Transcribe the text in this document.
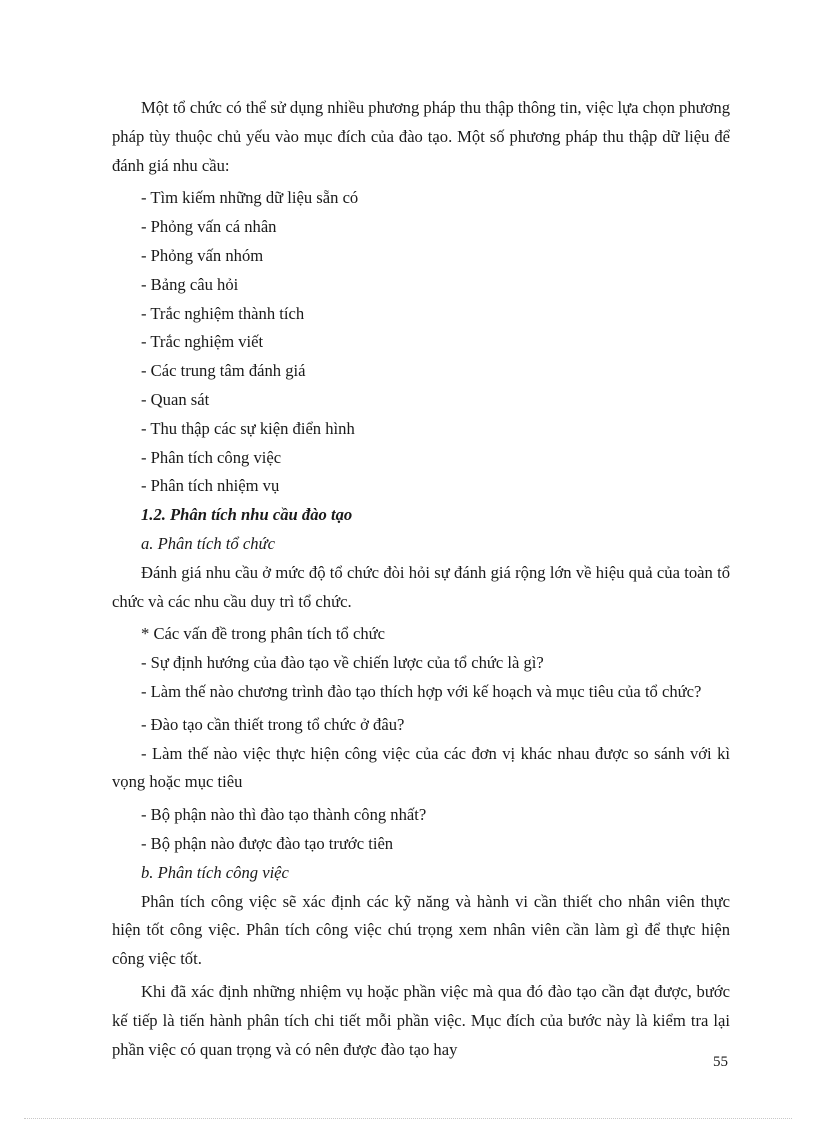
Một tổ chức có thể sử dụng nhiều phương pháp thu thập thông tin, việc lựa chọn phương pháp tùy thuộc chủ yếu vào mục đích của đào tạo. Một số phương pháp thu thập dữ liệu để đánh giá nhu cầu:

- Tìm kiếm những dữ liệu sẵn có

- Phỏng vấn cá nhân

- Phỏng vấn nhóm

- Bảng câu hỏi

- Trắc nghiệm thành tích

- Trắc nghiệm viết

- Các trung tâm đánh giá

- Quan sát

- Thu thập các sự kiện điển hình

- Phân tích công việc

- Phân tích nhiệm vụ

1.2. Phân tích nhu cầu đào tạo

a. Phân tích tổ chức

Đánh giá nhu cầu ở mức độ tổ chức đòi hỏi sự đánh giá rộng lớn về hiệu quả của toàn tổ chức và các nhu cầu duy trì tổ chức.

* Các vấn đề trong phân tích tổ chức

- Sự định hướng của đào tạo về chiến lược của tổ chức là gì?

- Làm thế nào chương trình đào tạo thích hợp với kế hoạch và mục tiêu của tổ chức?

- Đào tạo cần thiết trong tổ chức ở đâu?

- Làm thế nào việc thực hiện công việc của các đơn vị khác nhau được so sánh với kì vọng hoặc mục tiêu

- Bộ phận nào thì đào tạo thành công nhất?

- Bộ phận nào được đào tạo trước tiên

b. Phân tích công việc

Phân tích công việc sẽ xác định các kỹ năng và hành vi cần thiết cho nhân viên thực hiện tốt công việc. Phân tích công việc chú trọng xem nhân viên cần làm gì để thực hiện công việc tốt.

Khi đã xác định những nhiệm vụ hoặc phần việc mà qua đó đào tạo cần đạt được, bước kế tiếp là tiến hành phân tích chi tiết mỗi phần việc. Mục đích của bước này là kiểm tra lại phần việc có quan trọng và có nên được đào tạo hay

55
